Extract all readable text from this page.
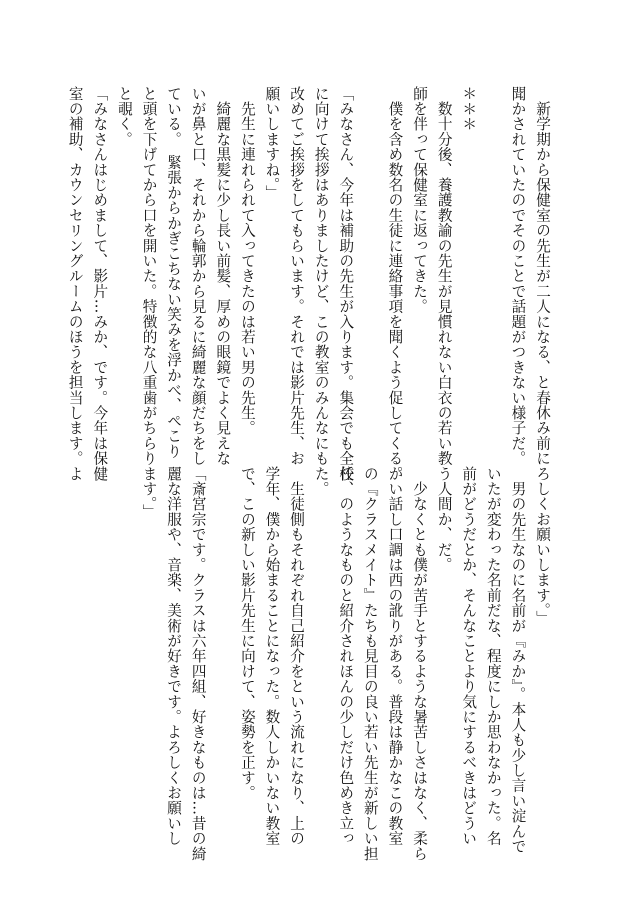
　新学期から保健室の先生が二人になる、と春休み前に
聞かされていたのでそのことで話題がつきない様子だ。

＊＊＊
　数十分後、養護教諭の先生が見慣れない白衣の若い教
師を伴って保健室に返ってきた。
　僕を含め数名の生徒に連絡事項を聞くよう促してくる。

「みなさん、今年は補助の先生が入ります。集会でも全校
に向けて挨拶はありましたけど、この教室のみんなにも
改めてご挨拶をしてもらいます。それでは影片先生、お
願いしますね。」
　先生に連れられて入ってきたのは若い男の先生。
　綺麗な黒髪に少し長い前髪、厚めの眼鏡でよく見えな
いが鼻と口、それから輪郭から見るに綺麗な顔だちをし
ている。　緊張からかぎこちない笑みを浮かべ、ぺこり
と頭を下げてから口を開いた。特徴的な八重歯がちらり
と覗く。
「みなさんはじめまして、影片…みか、です。今年は保健
室の補助、カウンセリングルームのほうを担当します。よ
ろしくお願いします。」
　男の先生なのに名前が『みか』。本人も少し言い淀んで
いたが変わった名前だな、程度にしか思わなかった。名
前がどうだとか、そんなことより気にするべきはどうい
う人間か、だ。
　少なくとも僕が苦手とするような暑苦しさはなく、柔ら
かい話し口調は西の訛りがある。普段は静かなこの教室
の『クラスメイト』たちも見目の良い若い先生が新しい担
任、のようなものと紹介されほんの少しだけ色めき立っ
た。
　生徒側もそれぞれ自己紹介をという流れになり、上の
学年、僕から始まることになった。数人しかいない教室
で、この新しい影片先生に向けて、姿勢を正す。

「斎宮宗です。クラスは六年四組、好きなものは…昔の綺
麗な洋服や、音楽、美術が好きです。よろしくお願いし
ます。」
